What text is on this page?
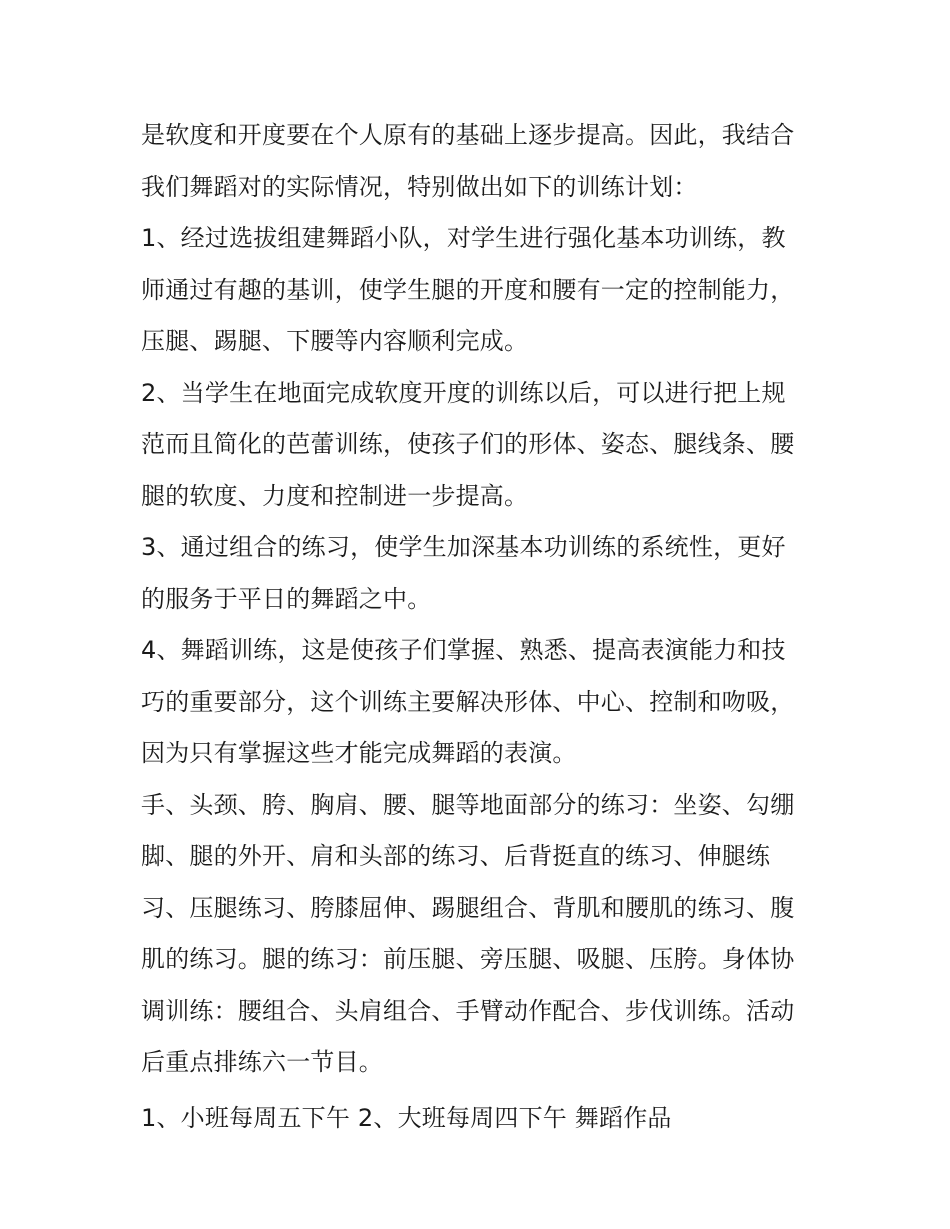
是软度和开度要在个人原有的基础上逐步提高。因此，我结合
我们舞蹈对的实际情况，特别做出如下的训练计划：
1、经过选拔组建舞蹈小队，对学生进行强化基本功训练，教
师通过有趣的基训，使学生腿的开度和腰有一定的控制能力，
压腿、踢腿、下腰等内容顺利完成。
2、当学生在地面完成软度开度的训练以后，可以进行把上规
范而且简化的芭蕾训练，使孩子们的形体、姿态、腿线条、腰
腿的软度、力度和控制进一步提高。
3、通过组合的练习，使学生加深基本功训练的系统性，更好
的服务于平日的舞蹈之中。
4、舞蹈训练，这是使孩子们掌握、熟悉、提高表演能力和技
巧的重要部分，这个训练主要解决形体、中心、控制和吻吸，
因为只有掌握这些才能完成舞蹈的表演。
手、头颈、胯、胸肩、腰、腿等地面部分的练习：坐姿、勾绷
脚、腿的外开、肩和头部的练习、后背挺直的练习、伸腿练
习、压腿练习、胯膝屈伸、踢腿组合、背肌和腰肌的练习、腹
肌的练习。腿的练习：前压腿、旁压腿、吸腿、压胯。身体协
调训练：腰组合、头肩组合、手臂动作配合、步伐训练。活动
后重点排练六一节目。
1、小班每周五下午 2、大班每周四下午 舞蹈作品
